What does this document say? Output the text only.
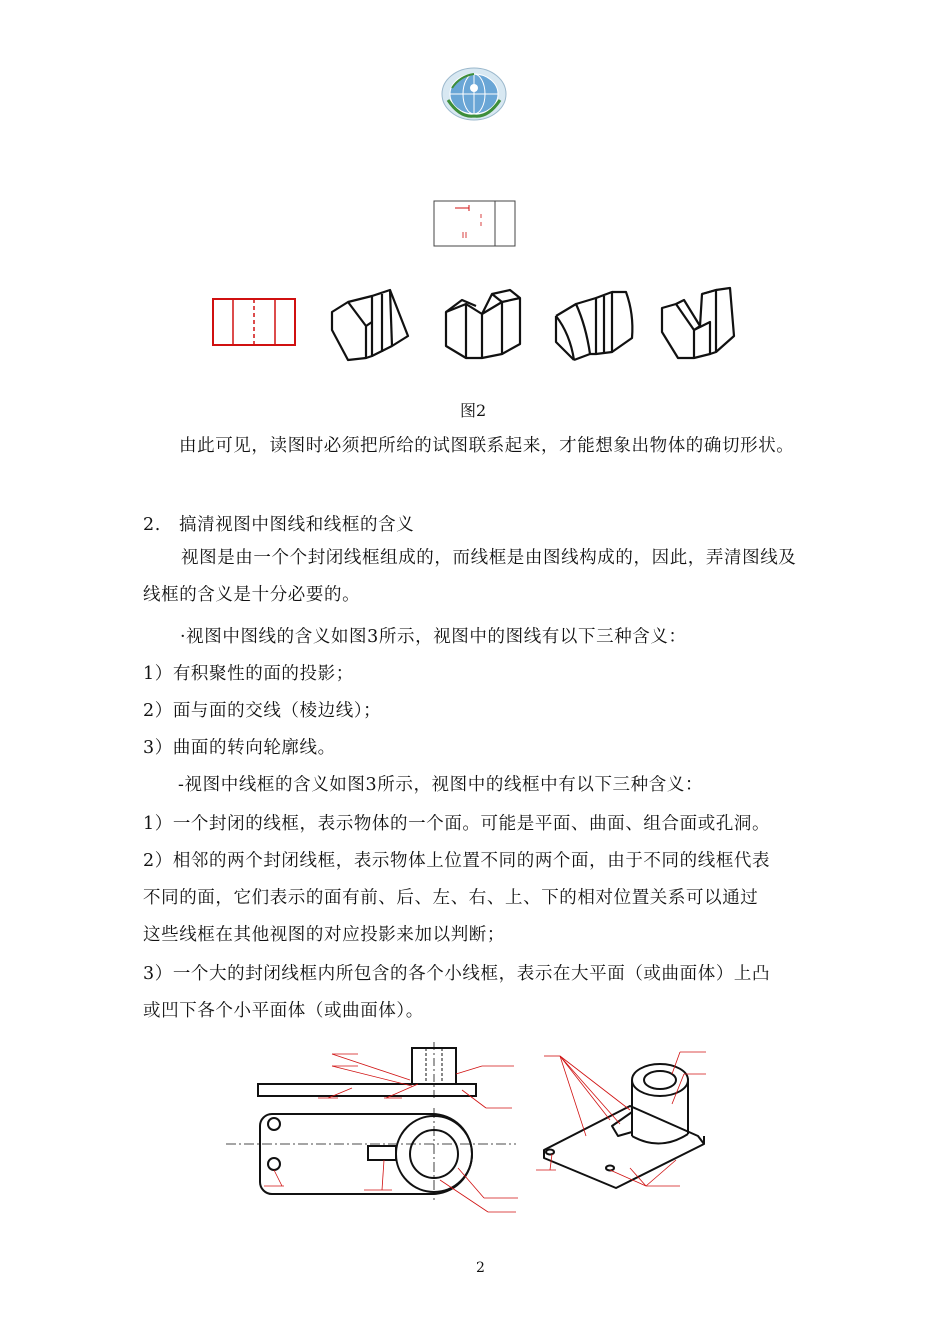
图2
由此可见，读图时必须把所给的试图联系起来，才能想象出物体的确切形状。
2.　搞清视图中图线和线框的含义
视图是由一个个封闭线框组成的，而线框是由图线构成的，因此，弄清图线及线框的含义是十分必要的。
·视图中图线的含义如图3所示，视图中的图线有以下三种含义：
1）有积聚性的面的投影；
2）面与面的交线（棱边线）；
3）曲面的转向轮廓线。
-视图中线框的含义如图3所示，视图中的线框中有以下三种含义：
1）一个封闭的线框，表示物体的一个面。可能是平面、曲面、组合面或孔洞。
2）相邻的两个封闭线框，表示物体上位置不同的两个面，由于不同的线框代表
不同的面，它们表示的面有前、后、左、右、上、下的相对位置关系可以通过
这些线框在其他视图的对应投影来加以判断；
3）一个大的封闭线框内所包含的各个小线框，表示在大平面（或曲面体）上凸
或凹下各个小平面体（或曲面体）。
2
